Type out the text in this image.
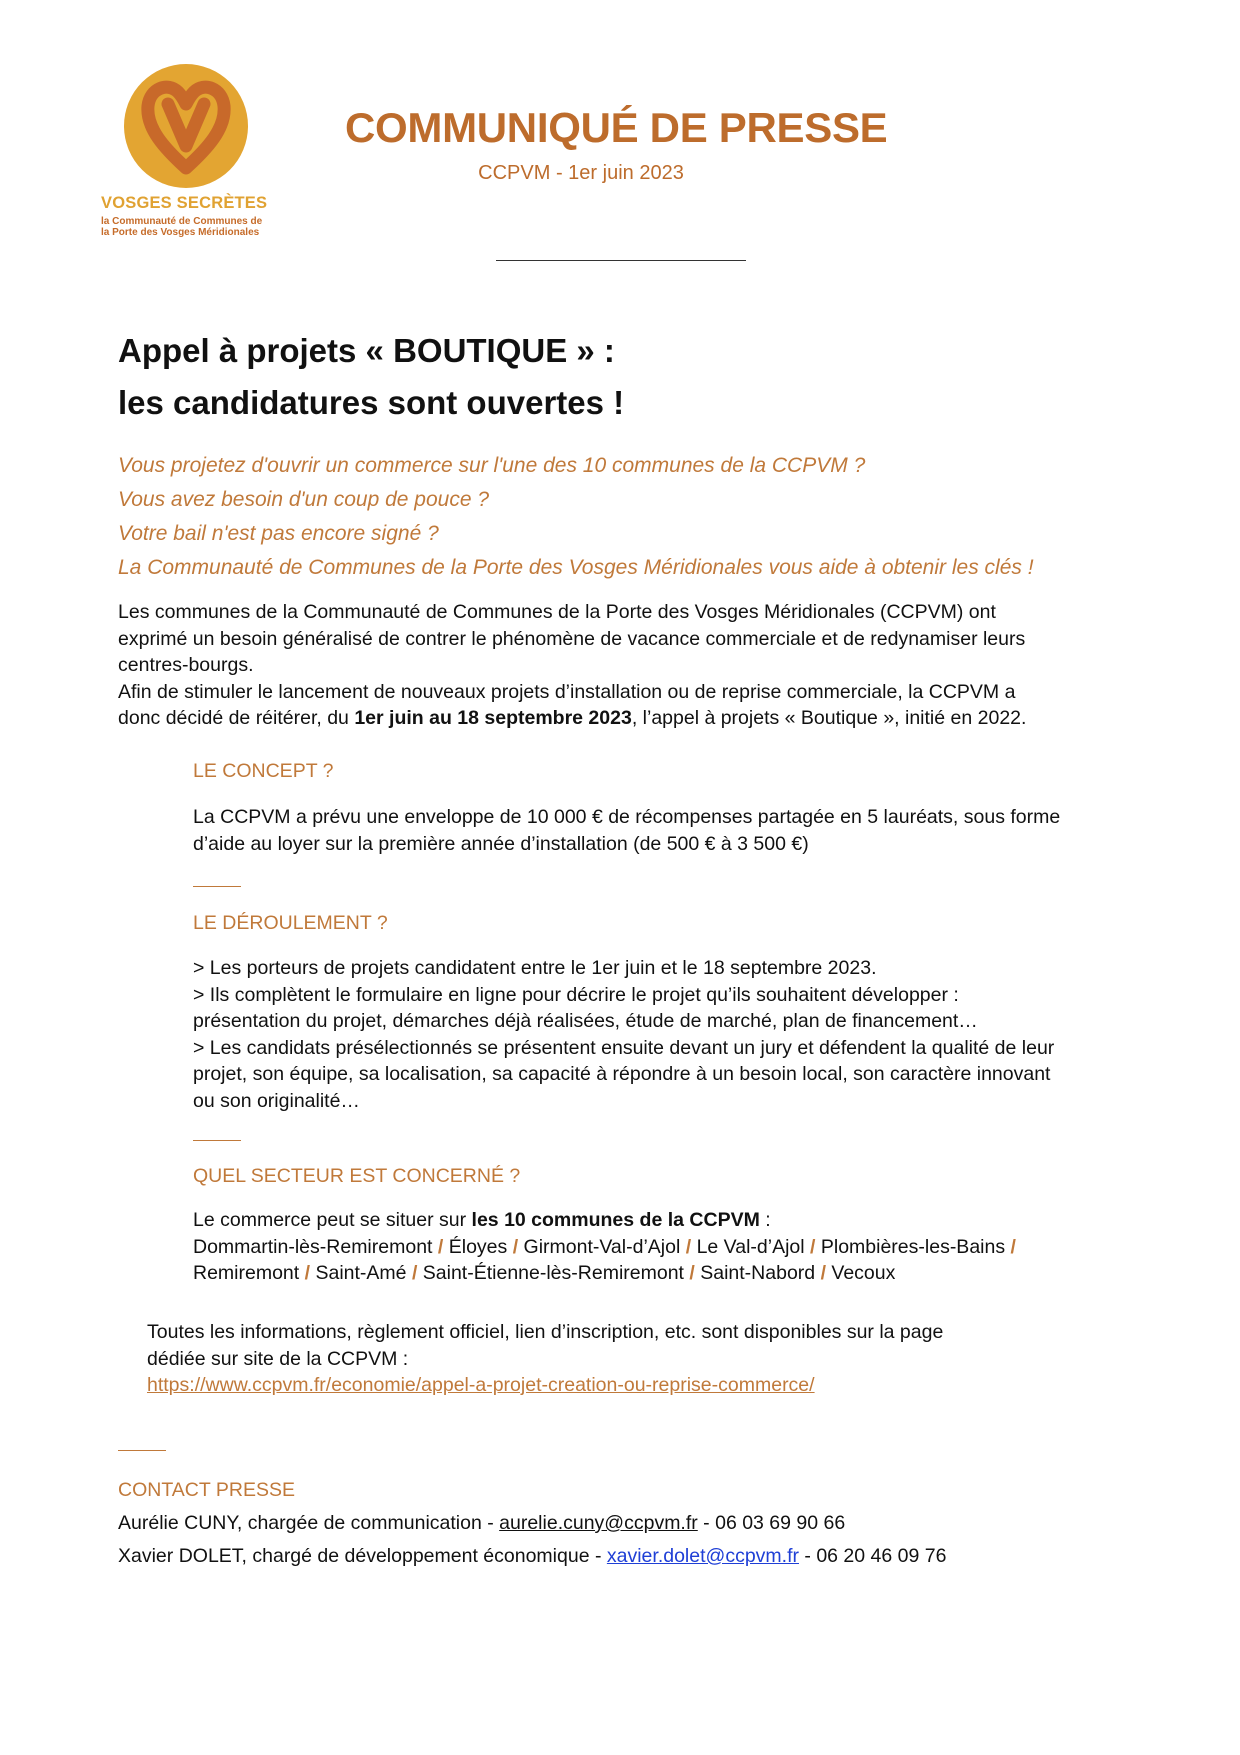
VOSGES SECRÈTES
la Communauté de Communes de
la Porte des Vosges Méridionales
COMMUNIQUÉ DE PRESSE
CCPVM - 1er juin 2023
Appel à projets « BOUTIQUE » :
les candidatures sont ouvertes !
Vous projetez d'ouvrir un commerce sur l'une des 10 communes de la CCPVM ?
Vous avez besoin d'un coup de pouce ?
Votre bail n'est pas encore signé ?
La Communauté de Communes de la Porte des Vosges Méridionales vous aide à obtenir les clés !
Les communes de la Communauté de Communes de la Porte des Vosges Méridionales (CCPVM) ont
exprimé un besoin généralisé de contrer le phénomène de vacance commerciale et de redynamiser leurs
centres-bourgs.
Afin de stimuler le lancement de nouveaux projets d’installation ou de reprise commerciale, la CCPVM a
donc décidé de réitérer, du 1er juin au 18 septembre 2023, l’appel à projets « Boutique », initié en 2022.
LE CONCEPT ?
La CCPVM a prévu une enveloppe de 10 000 € de récompenses partagée en 5 lauréats, sous forme
d’aide au loyer sur la première année d’installation (de 500 € à 3 500 €)
LE DÉROULEMENT ?
> Les porteurs de projets candidatent entre le 1er juin et le 18 septembre 2023.
> Ils complètent le formulaire en ligne pour décrire le projet qu’ils souhaitent développer :
présentation du projet, démarches déjà réalisées, étude de marché, plan de financement…
> Les candidats présélectionnés se présentent ensuite devant un jury et défendent la qualité de leur
projet, son équipe, sa localisation, sa capacité à répondre à un besoin local, son caractère innovant
ou son originalité…
QUEL SECTEUR EST CONCERNÉ ?
Le commerce peut se situer sur les 10 communes de la CCPVM :
Dommartin-lès-Remiremont / Éloyes / Girmont-Val-d’Ajol / Le Val-d’Ajol / Plombières-les-Bains /
Remiremont / Saint-Amé / Saint-Étienne-lès-Remiremont / Saint-Nabord / Vecoux
Toutes les informations, règlement officiel, lien d’inscription, etc. sont disponibles sur la page
dédiée sur site de la CCPVM :
https://www.ccpvm.fr/economie/appel-a-projet-creation-ou-reprise-commerce/
CONTACT PRESSE
Aurélie CUNY, chargée de communication - aurelie.cuny@ccpvm.fr - 06 03 69 90 66
Xavier DOLET, chargé de développement économique - xavier.dolet@ccpvm.fr - 06 20 46 09 76
